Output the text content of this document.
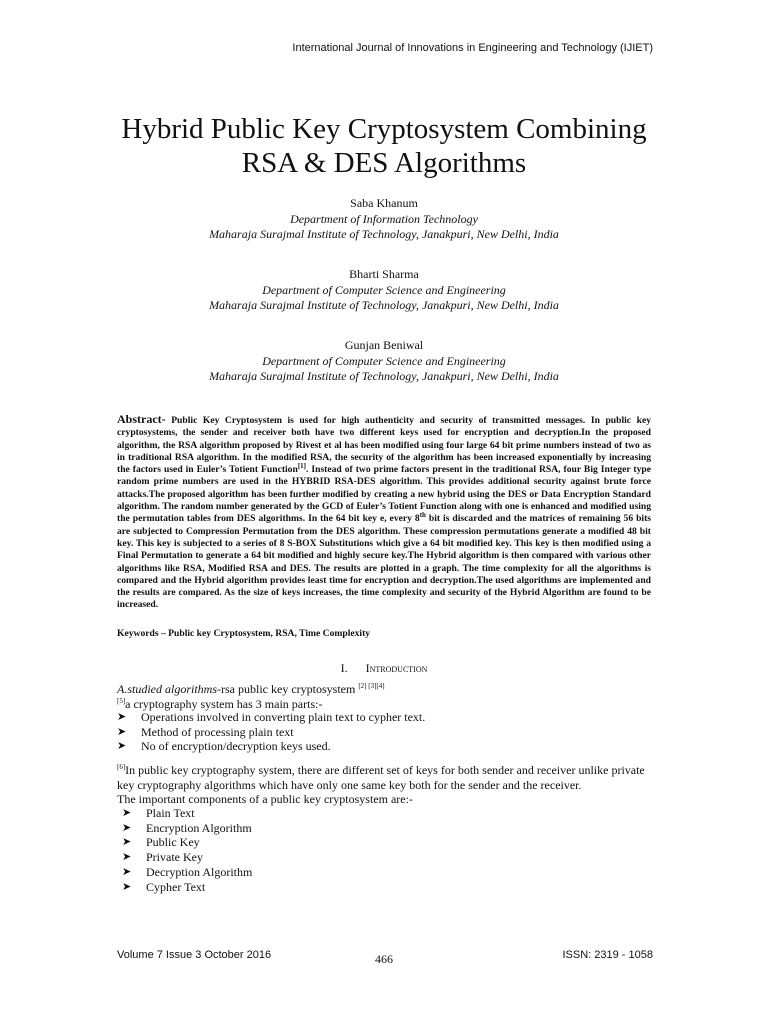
International Journal of Innovations in Engineering and Technology (IJIET)
Hybrid Public Key Cryptosystem Combining
RSA & DES Algorithms
Saba Khanum
Department of Information Technology
Maharaja Surajmal Institute of Technology, Janakpuri, New Delhi, India
Bharti Sharma
Department of Computer Science and Engineering
Maharaja Surajmal Institute of Technology, Janakpuri, New Delhi, India
Gunjan Beniwal
Department of Computer Science and Engineering
Maharaja Surajmal Institute of Technology, Janakpuri, New Delhi, India
Abstract- Public Key Cryptosystem is used for high authenticity and security of transmitted messages. In public key cryptosystems, the sender and receiver both have two different keys used for encryption and decryption.In the proposed algorithm, the RSA algorithm proposed by Rivest et al has been modified using four large 64 bit prime numbers instead of two as in traditional RSA algorithm. In the modified RSA, the security of the algorithm has been increased exponentially by increasing the factors used in Euler’s Totient Function[1]. Instead of two prime factors present in the traditional RSA, four Big Integer type random prime numbers are used in the HYBRID RSA-DES algorithm. This provides additional security against brute force attacks.The proposed algorithm has been further modified by creating a new hybrid using the DES or Data Encryption Standard algorithm. The random number generated by the GCD of Euler’s Totient Function along with one is enhanced and modified using the permutation tables from DES algorithms. In the 64 bit key e, every 8th bit is discarded and the matrices of remaining 56 bits are subjected to Compression Permutation from the DES algorithm. These compression permutations generate a modified 48 bit key. This key is subjected to a series of 8 S-BOX Substitutions which give a 64 bit modified key. This key is then modified using a Final Permutation to generate a 64 bit modified and highly secure key.The Hybrid algorithm is then compared with various other algorithms like RSA, Modified RSA and DES. The results are plotted in a graph. The time complexity for all the algorithms is compared and the Hybrid algorithm provides least time for encryption and decryption.The used algorithms are implemented and the results are compared. As the size of keys increases, the time complexity and security of the Hybrid Algorithm are found to be increased.
Keywords – Public key Cryptosystem, RSA, Time Complexity
I. Introduction
A.studied algorithms-rsa public key cryptosystem [2] [3][4]
[5]a cryptography system has 3 main parts:-
➤	Operations involved in converting plain text to cypher text.
➤	Method of processing plain text
➤	No of encryption/decryption keys used.
[6]In public key cryptography system, there are different set of keys for both sender and receiver unlike private key cryptography algorithms which have only one same key both for the sender and the receiver.
The important components of a public key cryptosystem are:-
➤	Plain Text
➤	Encryption Algorithm
➤	Public Key
➤	Private Key
➤	Decryption Algorithm
➤	Cypher Text
Volume 7 Issue 3 October 2016	466	ISSN: 2319 - 1058
